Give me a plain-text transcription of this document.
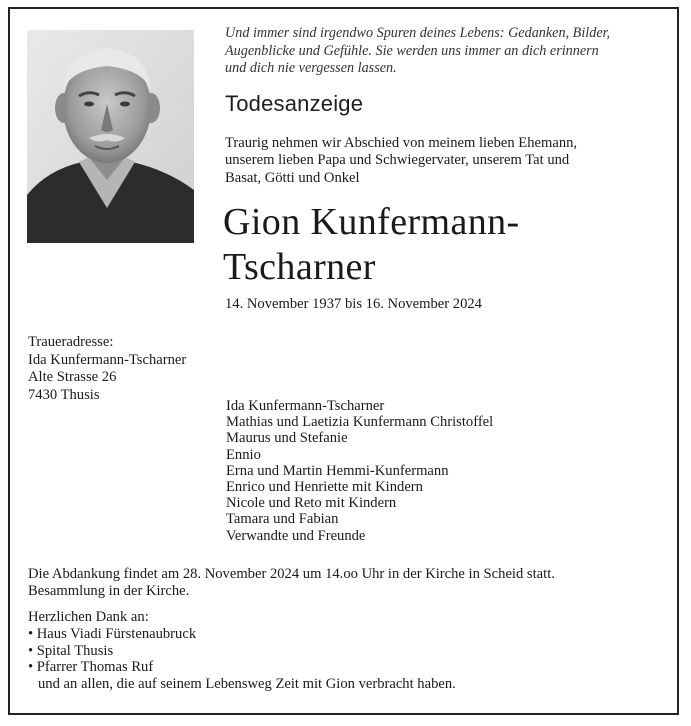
Und immer sind irgendwo Spuren deines Lebens: Gedanken, Bilder,
Augenblicke und Gefühle. Sie werden uns immer an dich erinnern
und dich nie vergessen lassen.
Todesanzeige
Traurig nehmen wir Abschied von meinem lieben Ehemann,
unserem lieben Papa und Schwiegervater, unserem Tat und
Basat, Götti und Onkel
Gion Kunfermann-
Tscharner
14. November 1937 bis 16. November 2024
Traueradresse:
Ida Kunfermann-Tscharner
Alte Strasse 26
7430 Thusis
Ida Kunfermann-Tscharner
Mathias und Laetizia Kunfermann Christoffel
Maurus und Stefanie
Ennio
Erna und Martin Hemmi-Kunfermann
Enrico und Henriette mit Kindern
Nicole und Reto mit Kindern
Tamara und Fabian
Verwandte und Freunde
Die Abdankung findet am 28. November 2024 um 14.oo Uhr in der Kirche in Scheid statt.
Besammlung in der Kirche.
Herzlichen Dank an:
• Haus Viadi Fürstenaubruck
• Spital Thusis
• Pfarrer Thomas Ruf
und an allen, die auf seinem Lebensweg Zeit mit Gion verbracht haben.
